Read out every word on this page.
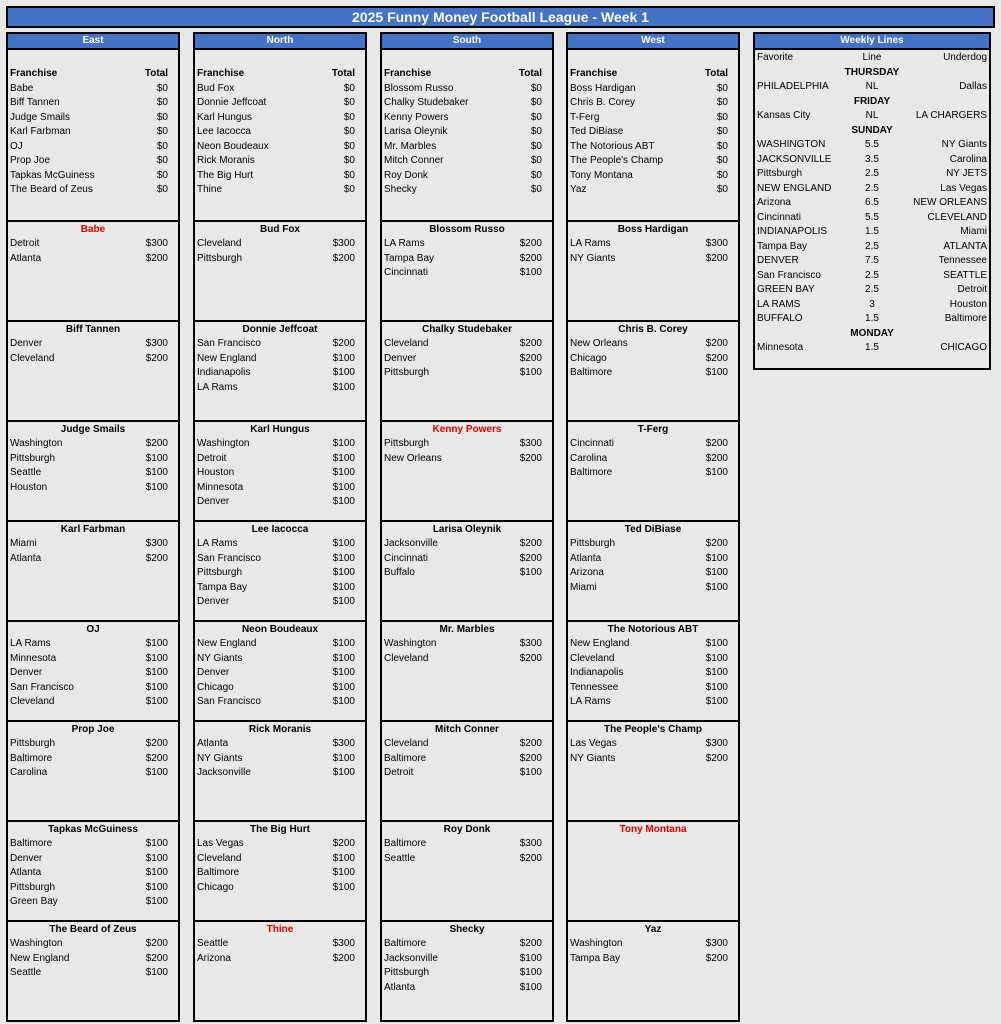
2025 Funny Money Football League - Week 1
East
Franchise	Total
Babe	$0
Biff Tannen	$0
Judge Smails	$0
Karl Farbman	$0
OJ	$0
Prop Joe	$0
Tapkas McGuiness	$0
The Beard of Zeus	$0
Babe
Detroit	$300
Atlanta	$200
Biff Tannen
Denver	$300
Cleveland	$200
Judge Smails
Washington	$200
Pittsburgh	$100
Seattle	$100
Houston	$100
Karl Farbman
Miami	$300
Atlanta	$200
OJ
LA Rams	$100
Minnesota	$100
Denver	$100
San Francisco	$100
Cleveland	$100
Prop Joe
Pittsburgh	$200
Baltimore	$200
Carolina	$100
Tapkas McGuiness
Baltimore	$100
Denver	$100
Atlanta	$100
Pittsburgh	$100
Green Bay	$100
The Beard of Zeus
Washington	$200
New England	$200
Seattle	$100
North
Franchise	Total
Bud Fox	$0
Donnie Jeffcoat	$0
Karl Hungus	$0
Lee Iacocca	$0
Neon Boudeaux	$0
Rick Moranis	$0
The Big Hurt	$0
Thine	$0
Bud Fox
Cleveland	$300
Pittsburgh	$200
Donnie Jeffcoat
San Francisco	$200
New England	$100
Indianapolis	$100
LA Rams	$100
Karl Hungus
Washington	$100
Detroit	$100
Houston	$100
Minnesota	$100
Denver	$100
Lee Iacocca
LA Rams	$100
San Francisco	$100
Pittsburgh	$100
Tampa Bay	$100
Denver	$100
Neon Boudeaux
New England	$100
NY Giants	$100
Denver	$100
Chicago	$100
San Francisco	$100
Rick Moranis
Atlanta	$300
NY Giants	$100
Jacksonville	$100
The Big Hurt
Las Vegas	$200
Cleveland	$100
Baltimore	$100
Chicago	$100
Thine
Seattle	$300
Arizona	$200
South
Franchise	Total
Blossom Russo	$0
Chalky Studebaker	$0
Kenny Powers	$0
Larisa Oleynik	$0
Mr. Marbles	$0
Mitch Conner	$0
Roy Donk	$0
Shecky	$0
Blossom Russo
LA Rams	$200
Tampa Bay	$200
Cincinnati	$100
Chalky Studebaker
Cleveland	$200
Denver	$200
Pittsburgh	$100
Kenny Powers
Pittsburgh	$300
New Orleans	$200
Larisa Oleynik
Jacksonville	$200
Cincinnati	$200
Buffalo	$100
Mr. Marbles
Washington	$300
Cleveland	$200
Mitch Conner
Cleveland	$200
Baltimore	$200
Detroit	$100
Roy Donk
Baltimore	$300
Seattle	$200
Shecky
Baltimore	$200
Jacksonville	$100
Pittsburgh	$100
Atlanta	$100
West
Franchise	Total
Boss Hardigan	$0
Chris B. Corey	$0
T-Ferg	$0
Ted DiBiase	$0
The Notorious ABT	$0
The People's Champ	$0
Tony Montana	$0
Yaz	$0
Boss Hardigan
LA Rams	$300
NY Giants	$200
Chris B. Corey
New Orleans	$200
Chicago	$200
Baltimore	$100
T-Ferg
Cincinnati	$200
Carolina	$200
Baltimore	$100
Ted DiBiase
Pittsburgh	$200
Atlanta	$100
Arizona	$100
Miami	$100
The Notorious ABT
New England	$100
Cleveland	$100
Indianapolis	$100
Tennessee	$100
LA Rams	$100
The People's Champ
Las Vegas	$300
NY Giants	$200
Tony Montana
Yaz
Washington	$300
Tampa Bay	$200
Weekly Lines
Favorite	Line	Underdog
THURSDAY
PHILADELPHIA	NL	Dallas
FRIDAY
Kansas City	NL	LA CHARGERS
SUNDAY
WASHINGTON	5.5	NY Giants
JACKSONVILLE	3.5	Carolina
Pittsburgh	2.5	NY JETS
NEW ENGLAND	2.5	Las Vegas
Arizona	6.5	NEW ORLEANS
Cincinnati	5.5	CLEVELAND
INDIANAPOLIS	1.5	Miami
Tampa Bay	2.5	ATLANTA
DENVER	7.5	Tennessee
San Francisco	2.5	SEATTLE
GREEN BAY	2.5	Detroit
LA RAMS	3	Houston
BUFFALO	1.5	Baltimore
MONDAY
Minnesota	1.5	CHICAGO
